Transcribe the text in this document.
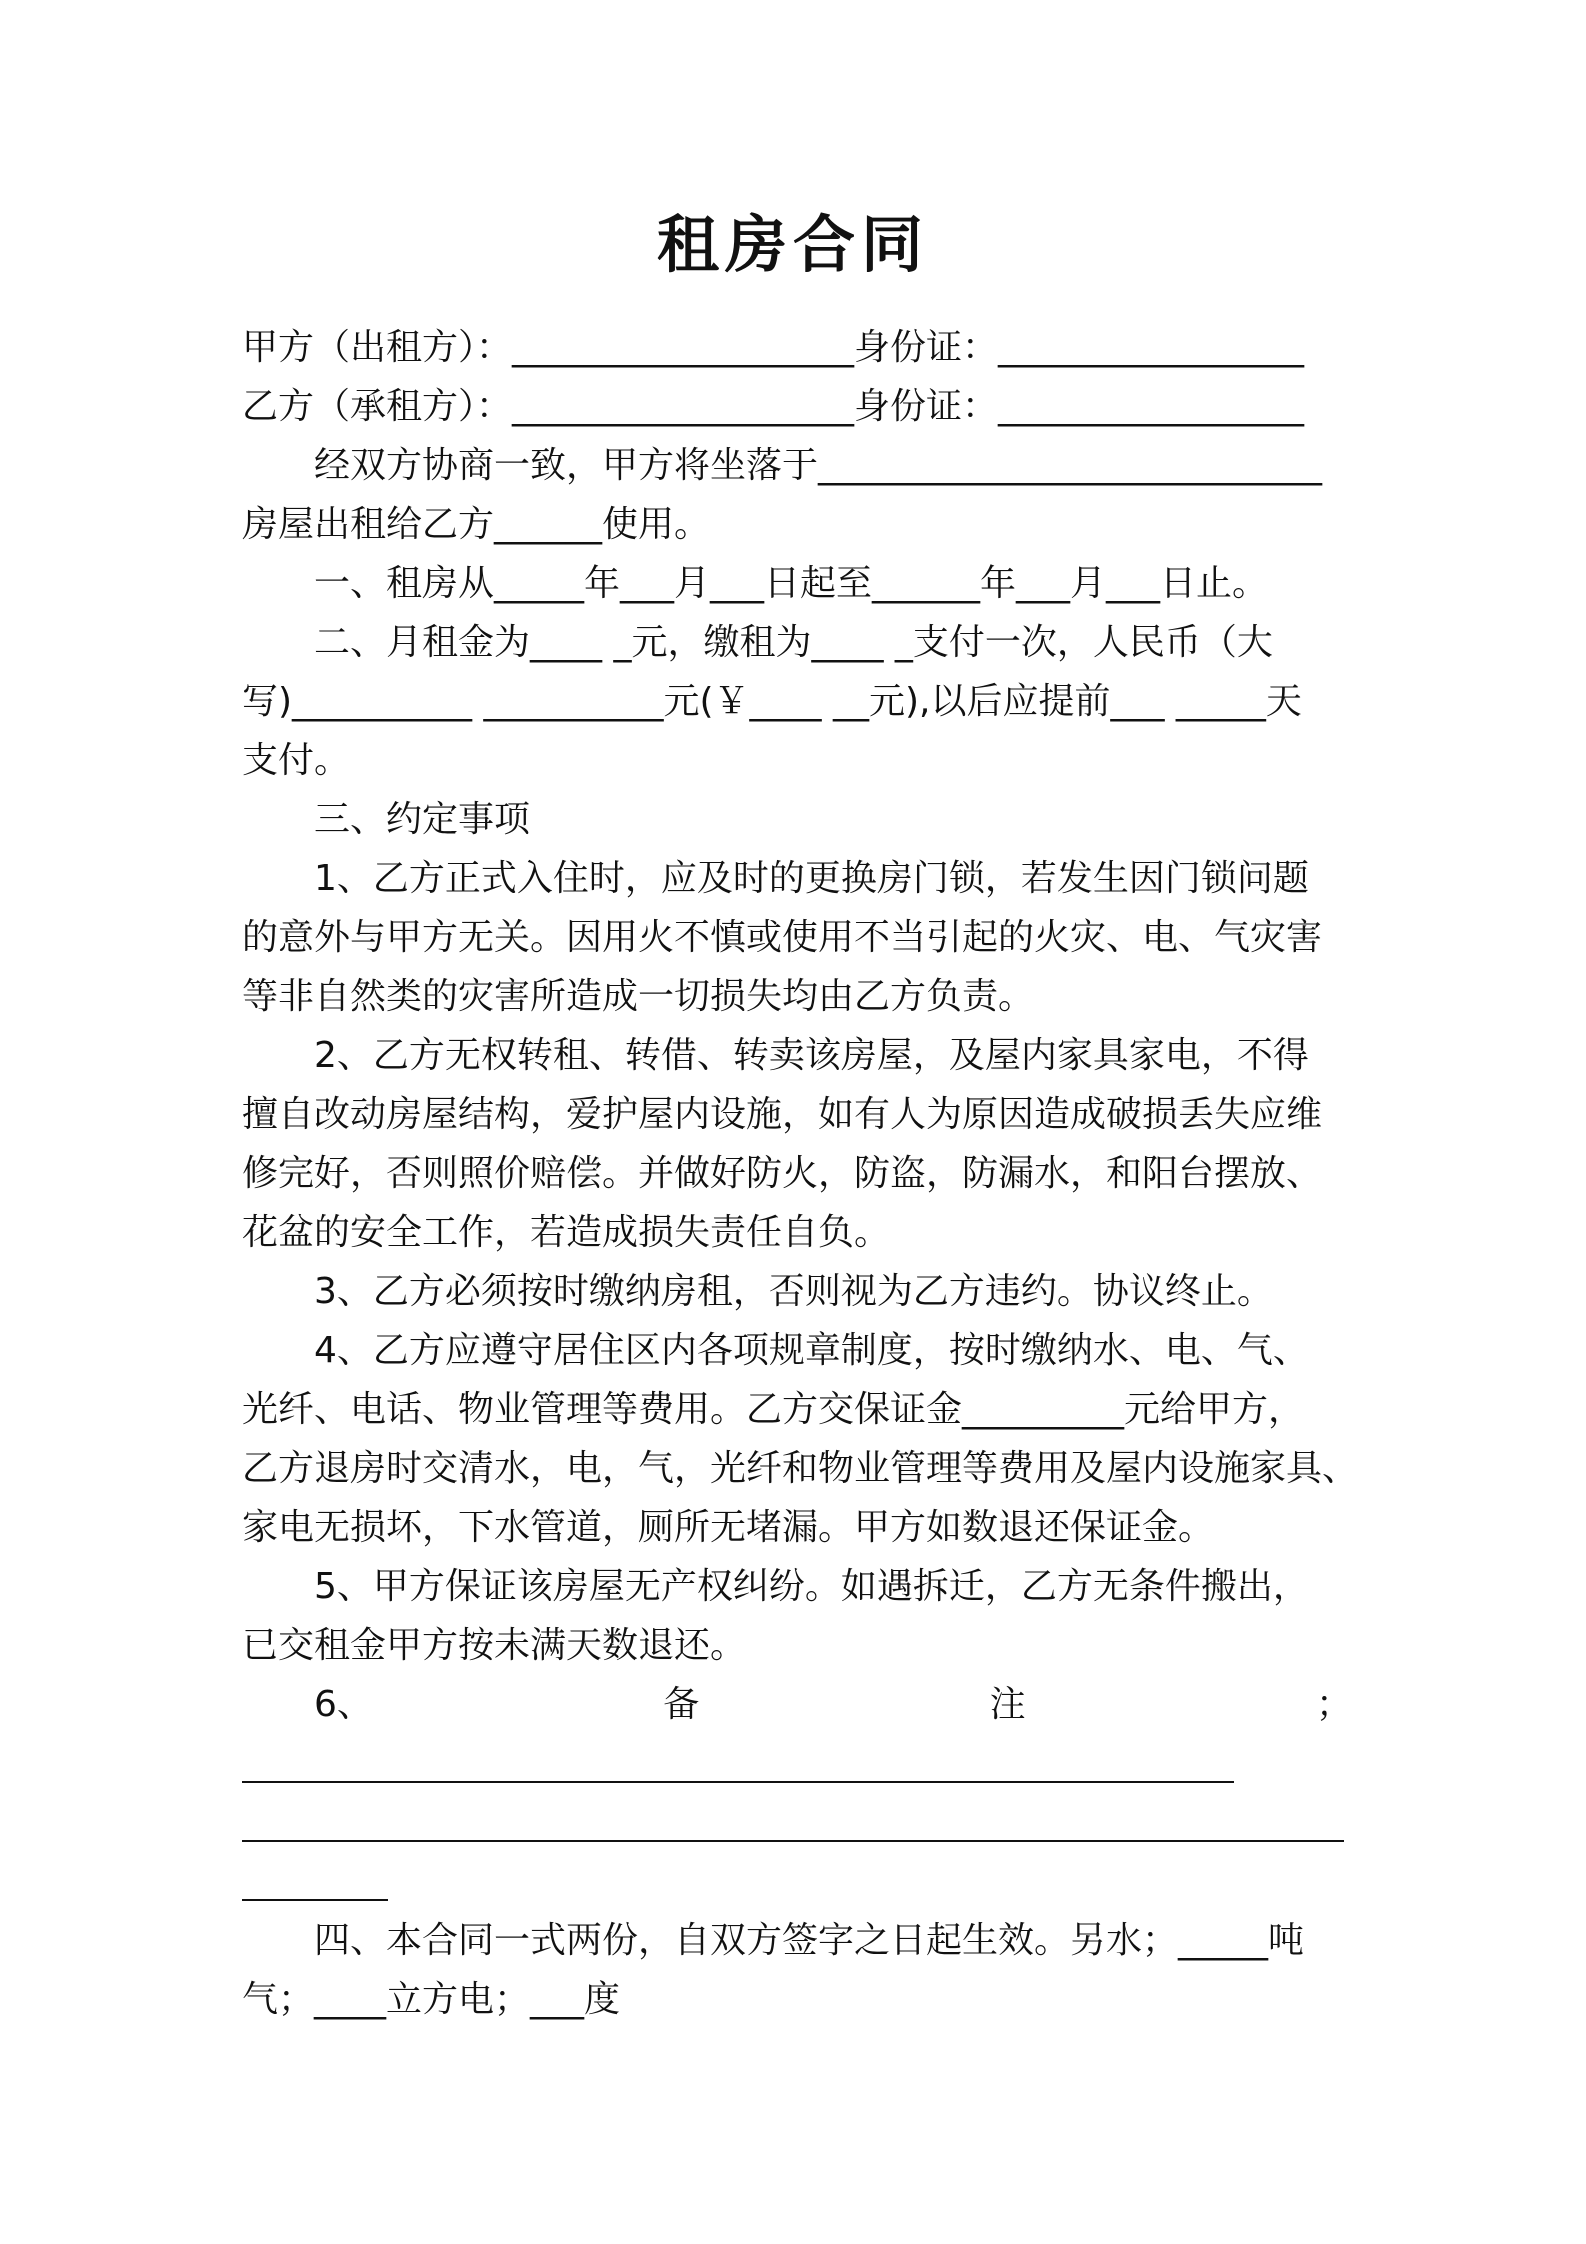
租房合同
甲方（出租方）：___________________身份证：_________________
乙方（承租方）：___________________身份证：_________________
经双方协商一致，甲方将坐落于____________________________
房屋出租给乙方______使用。
一、租房从_____年___月___日起至______年___月___日止。
二、月租金为____ _元，缴租为____ _支付一次，人民币（大
写)__________ __________元(￥____ __元),以后应提前___ _____天
支付。
三、约定事项
1、乙方正式入住时，应及时的更换房门锁，若发生因门锁问题
的意外与甲方无关。因用火不慎或使用不当引起的火灾、电、气灾害
等非自然类的灾害所造成一切损失均由乙方负责。
2、乙方无权转租、转借、转卖该房屋，及屋内家具家电，不得
擅自改动房屋结构，爱护屋内设施，如有人为原因造成破损丢失应维
修完好，否则照价赔偿。并做好防火，防盗，防漏水，和阳台摆放、
花盆的安全工作，若造成损失责任自负。
3、乙方必须按时缴纳房租，否则视为乙方违约。协议终止。
4、乙方应遵守居住区内各项规章制度，按时缴纳水、电、气、
光纤、电话、物业管理等费用。乙方交保证金_________元给甲方，
乙方退房时交清水，电，气，光纤和物业管理等费用及屋内设施家具、
家电无损坏，下水管道，厕所无堵漏。甲方如数退还保证金。
5、甲方保证该房屋无产权纠纷。如遇拆迁，乙方无条件搬出，
已交租金甲方按未满天数退还。
6、	备	注	；
四、本合同一式两份，自双方签字之日起生效。另水；_____吨
气；____立方电；___度
